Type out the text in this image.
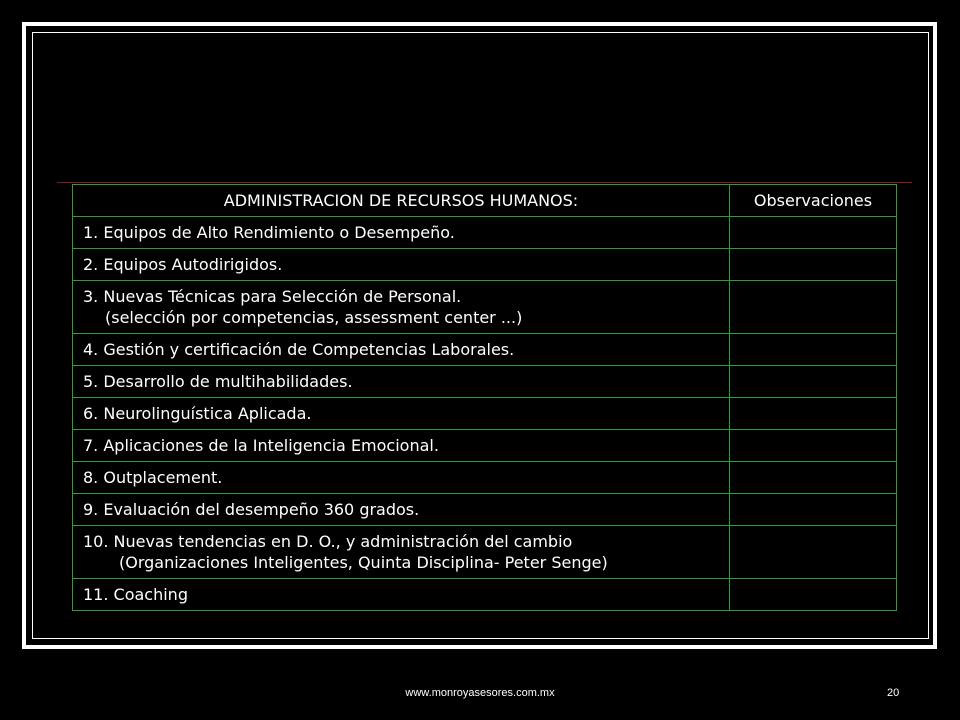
ADMINISTRACION DE RECURSOS HUMANOS:	Observaciones
1. Equipos de Alto Rendimiento o Desempeño.	
2. Equipos Autodirigidos.	
3. Nuevas Técnicas para Selección de Personal.
(selección por competencias, assessment center ...)	

4. Gestión y certificación de Competencias Laborales.	
5. Desarrollo de multihabilidades.	
6. Neurolinguística Aplicada.	
7. Aplicaciones de la Inteligencia Emocional.	
8. Outplacement.	
9. Evaluación del desempeño 360 grados.	
10. Nuevas tendencias en D. O., y administración del cambio
(Organizaciones Inteligentes, Quinta Disciplina- Peter Senge)	

11. Coaching	
www.monroyasesores.com.mx	20
